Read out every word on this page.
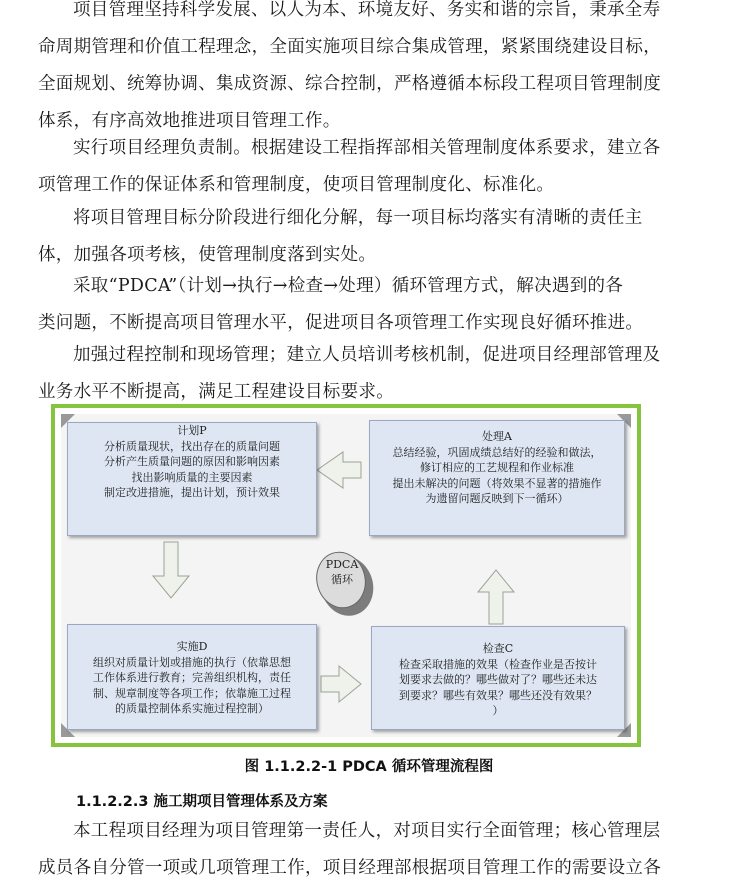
项目管理坚持科学发展、以人为本、环境友好、务实和谐的宗旨，秉承全寿
命周期管理和价值工程理念，全面实施项目综合集成管理，紧紧围绕建设目标，
全面规划、统筹协调、集成资源、综合控制，严格遵循本标段工程项目管理制度
体系，有序高效地推进项目管理工作。
实行项目经理负责制。根据建设工程指挥部相关管理制度体系要求，建立各
项管理工作的保证体系和管理制度，使项目管理制度化、标准化。
将项目管理目标分阶段进行细化分解，每一项目标均落实有清晰的责任主
体，加强各项考核，使管理制度落到实处。
采取“PDCA”（计划→执行→检查→处理）循环管理方式，解决遇到的各
类问题，不断提高项目管理水平，促进项目各项管理工作实现良好循环推进。
加强过程控制和现场管理；建立人员培训考核机制，促进项目经理部管理及
业务水平不断提高，满足工程建设目标要求。
计划P
分析质量现状，找出存在的质量问题
分析产生质量问题的原因和影响因素
找出影响质量的主要因素
制定改进措施，提出计划，预计效果
处理A
总结经验，巩固成绩总结好的经验和做法，
修订相应的工艺规程和作业标准
提出未解决的问题（将效果不显著的措施作
为遗留问题反映到下一循环）
PDCA
循环
实施D
组织对质量计划或措施的执行（依靠思想
工作体系进行教育；完善组织机构，责任
制、规章制度等各项工作；依靠施工过程
的质量控制体系实施过程控制）
检查C
检查采取措施的效果（检查作业是否按计
划要求去做的？哪些做对了？哪些还未达
到要求？哪些有效果？哪些还没有效果？
）
图 1.1.2.2-1 PDCA 循环管理流程图
1.1.2.2.3 施工期项目管理体系及方案
本工程项目经理为项目管理第一责任人，对项目实行全面管理；核心管理层
成员各自分管一项或几项管理工作，项目经理部根据项目管理工作的需要设立各
